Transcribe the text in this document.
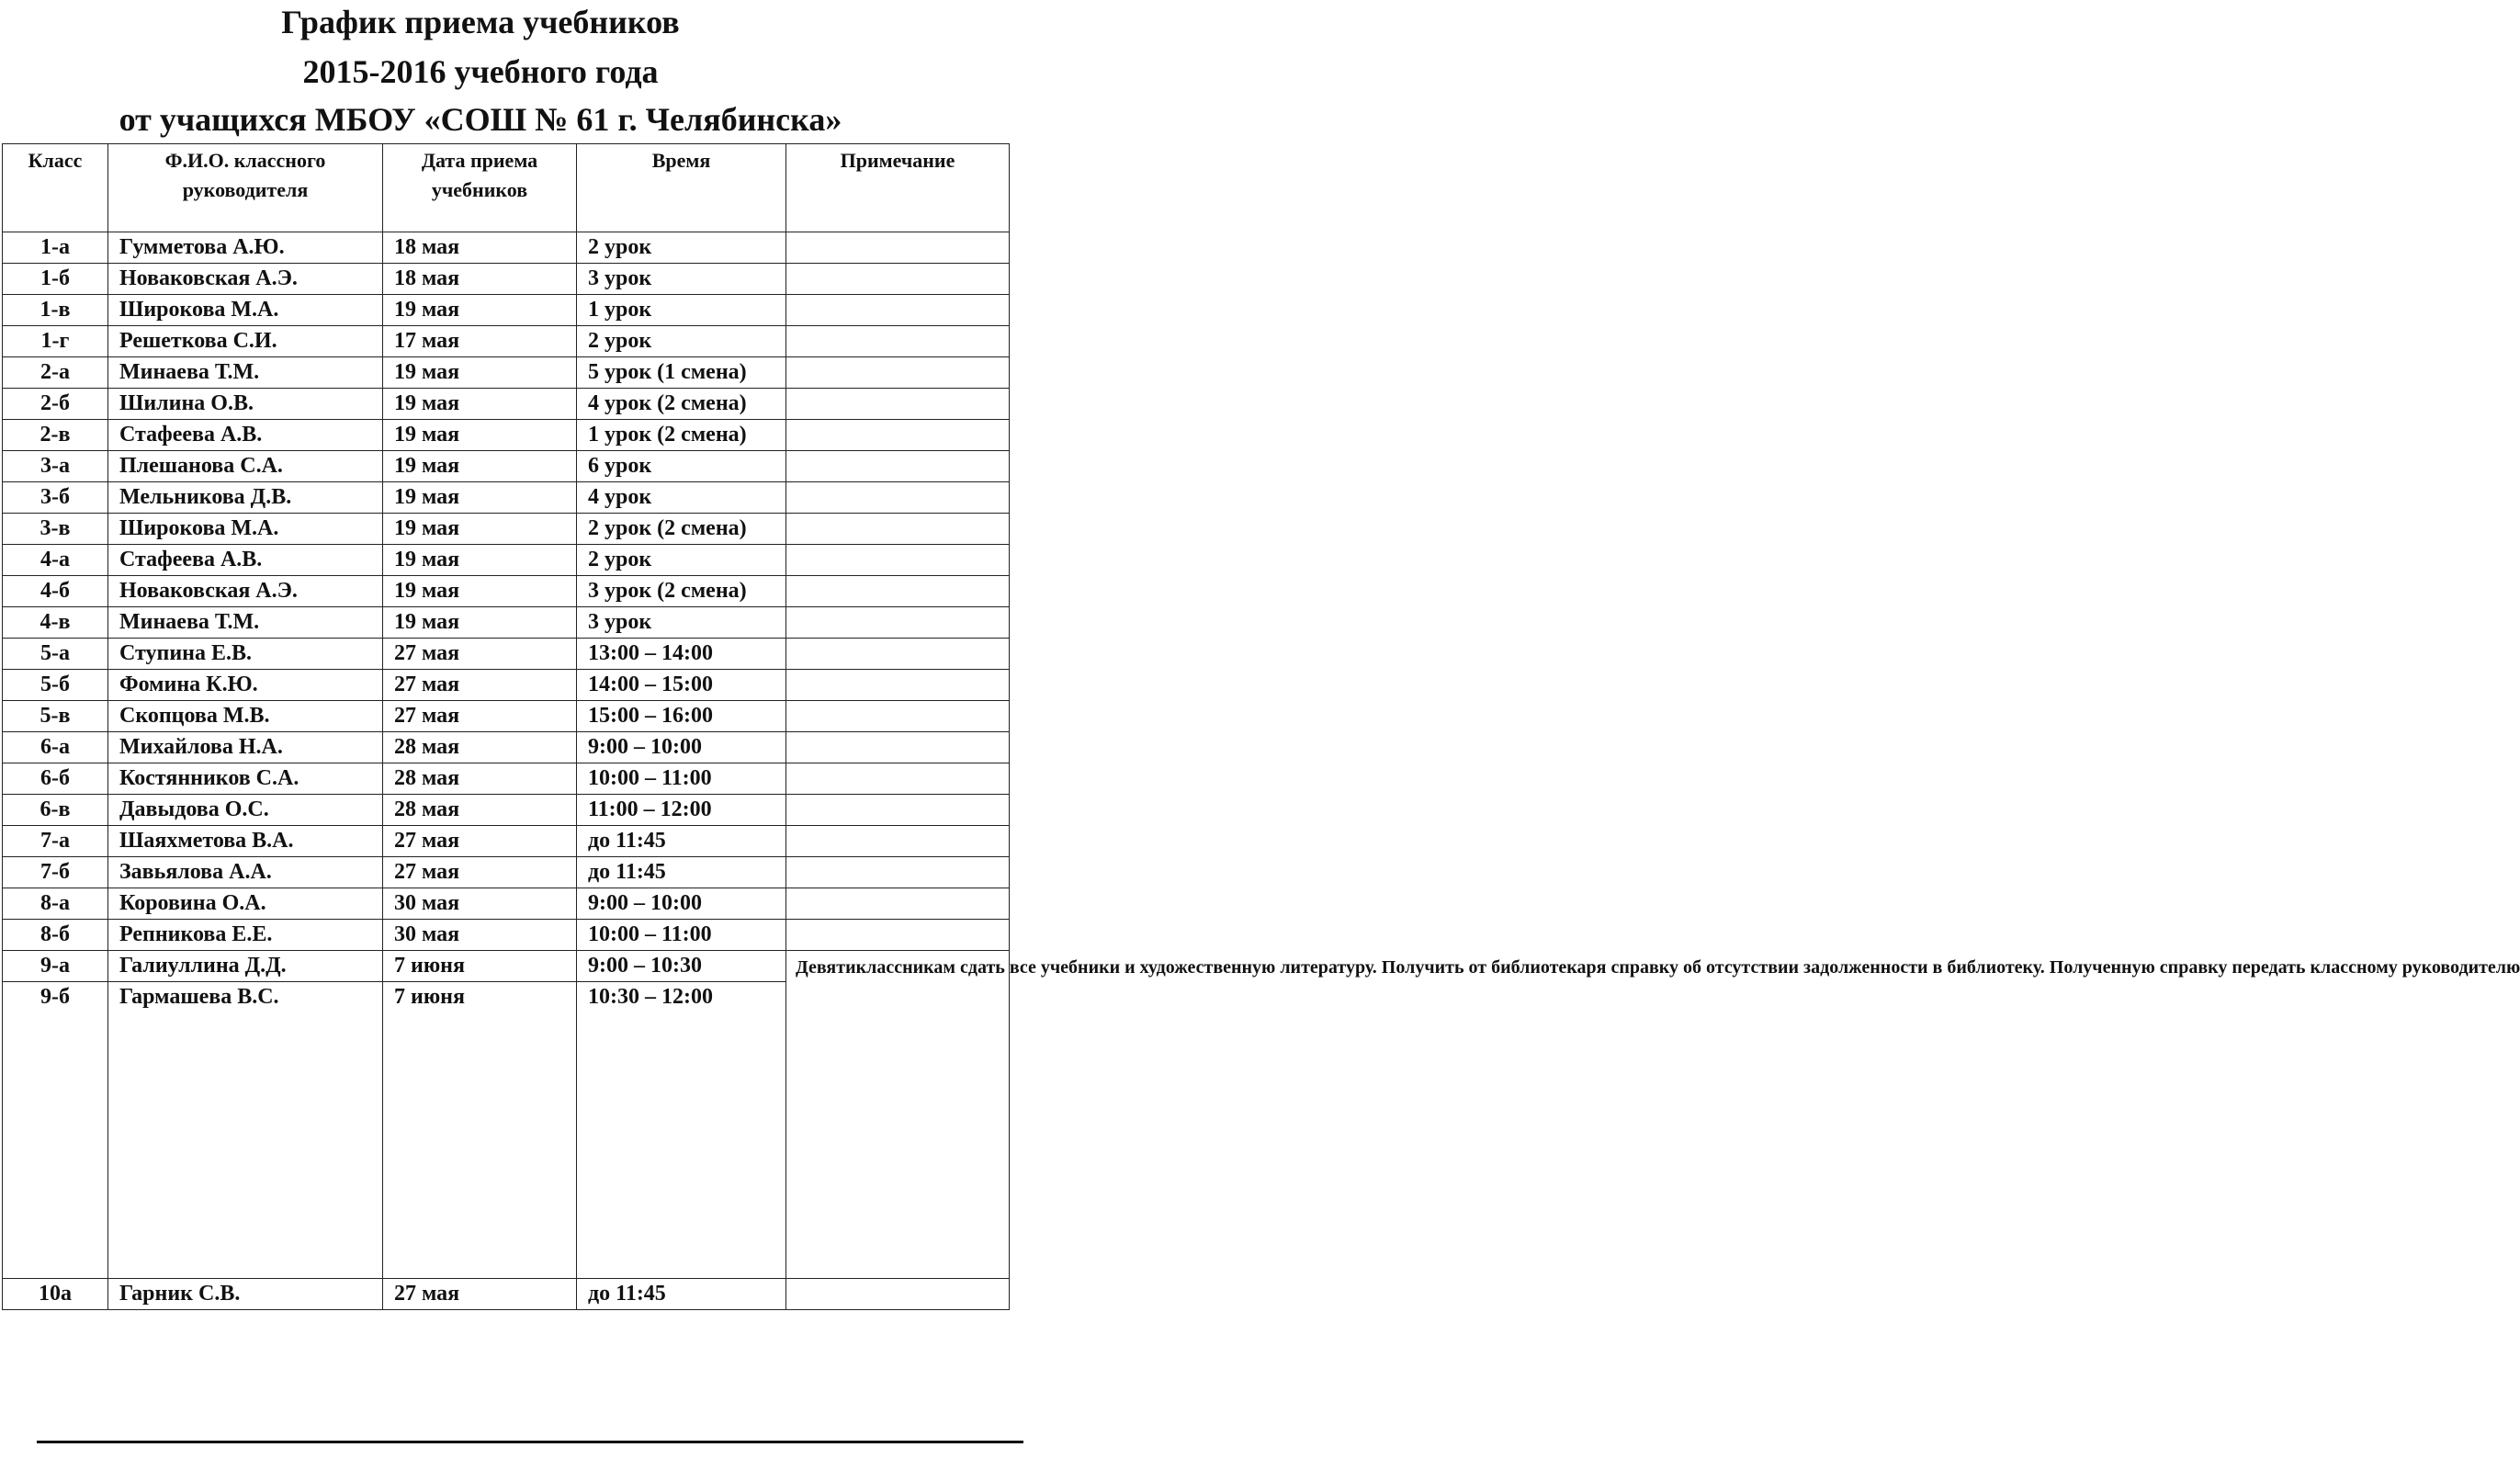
График приема учебников
2015-2016 учебного года
от учащихся МБОУ «СОШ № 61 г. Челябинска»
Класс	Ф.И.О. классного руководителя	Дата приема учебников	Время	Примечание
1-а	Гумметова А.Ю.	18 мая	2 урок	
1-б	Новаковская А.Э.	18 мая	3 урок	
1-в	Широкова М.А.	19 мая	1 урок	
1-г	Решеткова С.И.	17 мая	2 урок	
2-а	Минаева Т.М.	19 мая	5 урок (1 смена)	
2-б	Шилина О.В.	19 мая	4 урок (2 смена)	
2-в	Стафеева А.В.	19 мая	1 урок (2 смена)	
3-а	Плешанова С.А.	19 мая	6 урок	
3-б	Мельникова Д.В.	19 мая	4 урок	
3-в	Широкова М.А.	19 мая	2 урок (2 смена)	
4-а	Стафеева А.В.	19 мая	2 урок	
4-б	Новаковская А.Э.	19 мая	3 урок (2 смена)	
4-в	Минаева Т.М.	19 мая	3 урок	
5-а	Ступина Е.В.	27 мая	13:00 – 14:00	
5-б	Фомина К.Ю.	27 мая	14:00 – 15:00	
5-в	Скопцова М.В.	27 мая	15:00 – 16:00	
6-а	Михайлова Н.А.	28 мая	9:00 – 10:00	
6-б	Костянников С.А.	28 мая	10:00 – 11:00	
6-в	Давыдова О.С.	28 мая	11:00 – 12:00	
7-а	Шаяхметова В.А.	27 мая	до 11:45	
7-б	Завьялова А.А.	27 мая	до 11:45	
8-а	Коровина О.А.	30 мая	9:00 – 10:00	
8-б	Репникова Е.Е.	30 мая	10:00 – 11:00	
9-а	Галиуллина Д.Д.	7 июня	9:00 – 10:30	Девятиклассникам сдать все учебники и художественную литературу. Получить от библиотекаря справку об отсутствии задолженности в библиотеку. Полученную справку передать классному руководителю
9-б	Гармашева В.С.	7 июня	10:30 – 12:00	
10а	Гарник С.В.	27 мая	до 11:45	
